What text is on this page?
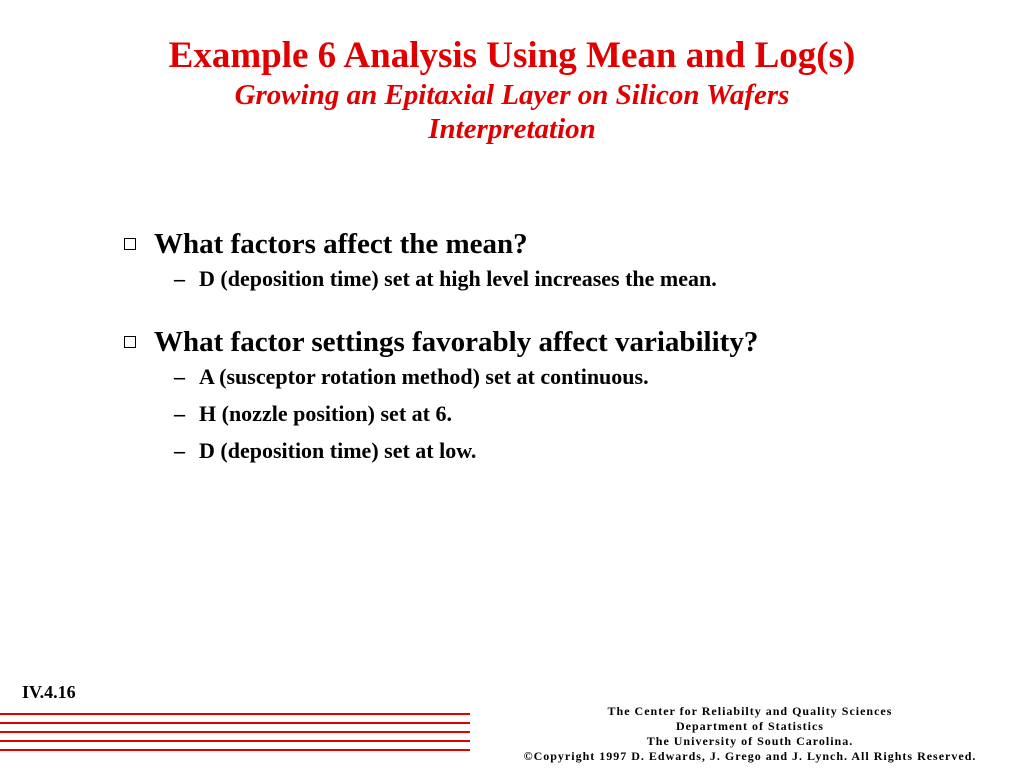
Example 6 Analysis Using Mean and Log(s)
Growing an Epitaxial Layer on Silicon Wafers
Interpretation
What factors affect the mean?
– D (deposition time) set at high level increases the mean.
What factor settings favorably affect variability?
– A (susceptor rotation method) set at continuous.
– H (nozzle position) set at 6.
– D (deposition time) set at low.
IV.4.16
The Center for Reliabilty and Quality Sciences
Department of Statistics
The University of South Carolina.
©Copyright 1997 D. Edwards, J. Grego and J. Lynch. All Rights Reserved.
